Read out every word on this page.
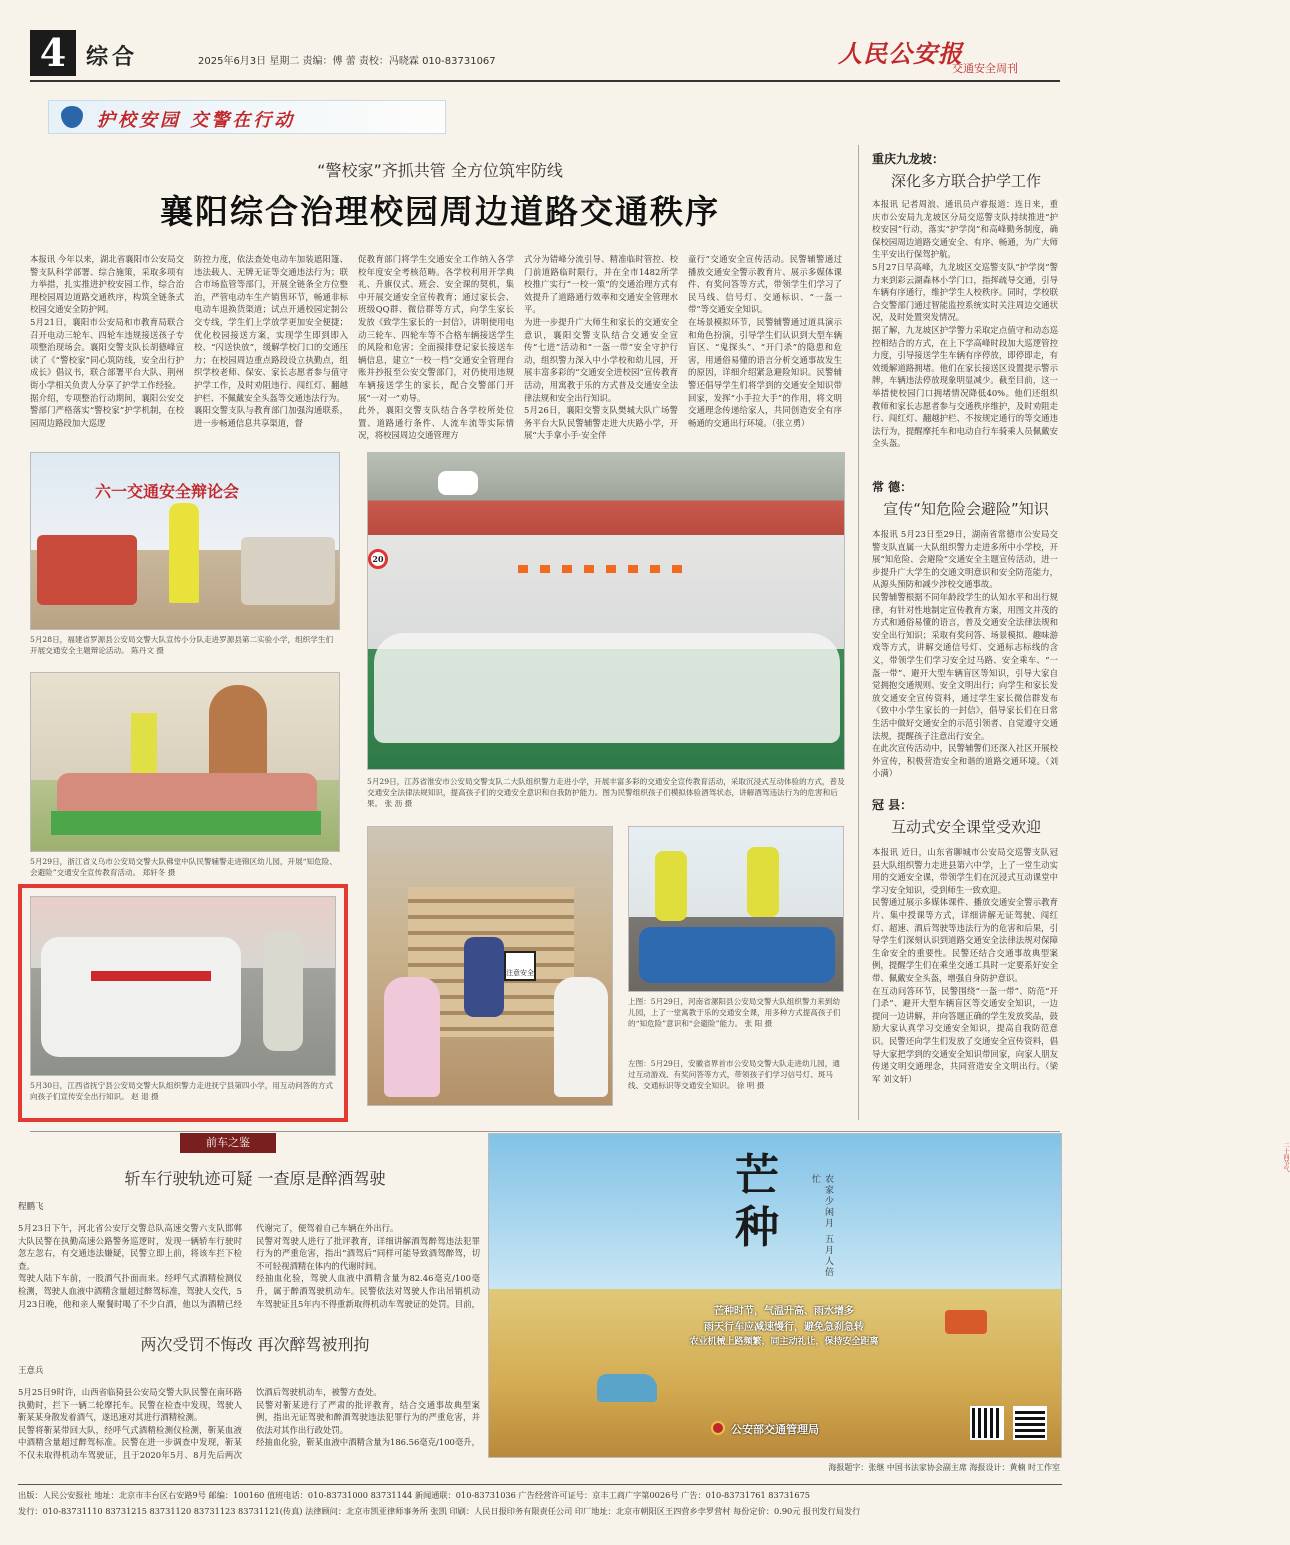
4 综合	2025年6月3日 星期二 责编：傅 蕾 责校：冯晓霖 010-83731067	人民公安报
交通安全周刊
护校安园 交警在行动
“警校家”齐抓共管 全方位筑牢防线
襄阳综合治理校园周边道路交通秩序
本报讯 今年以来，湖北省襄阳市公安局交警支队科学部署、综合施策，采取多项有力举措，扎实推进护校安园工作，综合治理校园周边道路交通秩序，构筑全链条式校园交通安全防护网。
5月21日，襄阳市公安局和市教育局联合召开电动三轮车、四轮车违规接送孩子专项整治现场会。襄阳交警支队长胡德峰宣读了《“警校家”同心筑防线，安全出行护成长》倡议书，联合部署平台大队、荆州街小学相关负责人分享了护学工作经验。
据介绍，专项整治行动期间，襄阳公安交警部门严格落实“警校家”护学机制，在校园周边路段加大巡逻
防控力度，依法查处电动车加装遮阳篷、违法载人、无牌无证等交通违法行为；联合市场监管等部门，开展全链条全方位整治，严管电动车生产销售环节，畅通非标电动车退换货渠道；试点开通校园定制公交专线，学生们上学放学更加安全便捷；优化校园接送方案，实现学生即到即入校、“闪送快放”，缓解学校门口的交通压力；在校园周边重点路段设立执勤点，组织学校老师、保安、家长志愿者参与值守护学工作，及时劝阻违行、闯红灯、翻越护栏、不佩戴安全头盔等交通违法行为。
襄阳交警支队与教育部门加强沟通联系，进一步畅通信息共享渠道，督
促教育部门将学生交通安全工作纳入各学校年度安全考核范畴。各学校利用开学典礼、升旗仪式、班会、安全课的契机，集中开展交通安全宣传教育；通过家长会、班级QQ群、微信群等方式，向学生家长发放《致学生家长的一封信》，讲明使用电动三轮车、四轮车等不合格车辆接送学生的风险和危害；全面摸排登记家长接送车辆信息，建立“一校一档”交通安全管理台账并抄报至公安交警部门，对仍使用违规车辆接送学生的家长，配合交警部门开展“一对一”劝导。
此外，襄阳交警支队结合各学校所处位置、道路通行条件、人流车流等实际情况，将校园周边交通管理方
式分为错峰分流引导、精准临时管控、校门前道路临时限行，并在全市1482所学校推广实行“一校一策”的交通治理方式有效提升了道路通行效率和交通安全管理水平。
为进一步提升广大师生和家长的交通安全意识，襄阳交警支队结合交通安全宣传“七进”活动和“一盔一带”安全守护行动，组织警力深入中小学校和幼儿园，开展丰富多彩的“交通安全进校园”宣传教育活动，用寓教于乐的方式普及交通安全法律法规和安全出行知识。
5月26日，襄阳交警支队樊城大队广场警务平台大队民警辅警走进大庆路小学，开展“大手拿小手·安全伴
童行”交通安全宣传活动。民警辅警通过播放交通安全警示教育片、展示多媒体课件、有奖问答等方式，带领学生们学习了民马线、信号灯、交通标识、“一盔一带”等交通安全知识。
在场景模拟环节，民警辅警通过道具演示和角色扮演，引导学生们认识到大型车辆盲区、“鬼探头”、“开门杀”的隐患和危害，用通俗易懂的语言分析交通事故发生的原因，详细介绍紧急避险知识。民警辅警还倡导学生们将学到的交通安全知识带回家，发挥“小手拉大手”的作用，将文明交通理念传递给家人，共同创造安全有序畅通的交通出行环境。（张立勇）
六一交通安全辩论会
5月28日，福建省罗源县公安局交警大队宣传小分队走进罗源县第二实验小学，组织学生们开展交通安全主题辩论活动。 陈丹文 摄
5月29日，浙江省义乌市公安局交警大队佛堂中队民警辅警走进锦区幼儿园，开展“知危险、会避险”交通安全宣传教育活动。 郑轩冬 摄
5月30日，江西省抚宁县公安局交警大队组织警力走进抚宁县第四小学，用互动问答的方式向孩子们宣传安全出行知识。 赵 退 摄
20
5月29日，江苏省淮安市公安局交警支队二大队组织警力走进小学，开展丰富多彩的交通安全宣传教育活动，采取沉浸式互动体验的方式，普及交通安全法律法规知识，提高孩子们的交通安全意识和自我防护能力。图为民警组织孩子们模拟体验酒驾状态，讲解酒驾违法行为的危害和后果。 张 沥 摄
注意安全
上图：5月29日，河南省漯阳县公安局交警大队组织警力来到幼儿园，上了一堂寓教于乐的交通安全课，用多种方式提高孩子们的“知危险”意识和“会避险”能力。 张 阳 摄
左图：5月29日，安徽省界首市公安局交警大队走进幼儿园，通过互动游戏、有奖问答等方式，带领孩子们学习信号灯、斑马线、交通标识等交通安全知识。 徐 明 摄
重庆九龙坡：
深化多方联合护学工作
本报讯 记者周浪、通讯员卢睿报道：连日来，重庆市公安局九龙坡区分局交巡警支队持续推进“护校安园”行动，落实“护学岗”和高峰勤务制度，确保校园周边道路交通安全、有序、畅通，为广大师生平安出行保驾护航。
5月27日早高峰，九龙坡区交巡警支队“护学岗”警力来到彩云湖森林小学门口，指挥疏导交通，引导车辆有序通行，维护学生人校秩序。同时，学校联合交警部门通过智能监控系统实时关注周边交通状况，及时处置突发情况。
据了解，九龙坡区护学警力采取定点值守和动态巡控相结合的方式，在上下学高峰时段加大巡逻管控力度，引导接送学生车辆有序停放，即停即走，有效缓解道路拥堵。他们在家长接送区设置提示警示牌，车辆违法停放现象明显减少。截至目前，这一举措使校园门口拥堵情况降低40%。他们还组织教师和家长志愿者参与交通秩序维护，及时劝阻走行、闯红灯、翻越护栏、不按规定通行的等交通违法行为，提醒摩托车和电动自行车骑乘人员佩戴安全头盔。
常 德：
宣传“知危险会避险”知识
本报讯 5月23日至29日，湖南省常德市公安局交警支队直属一大队组织警力走进多所中小学校，开展“知危险、会避险”交通安全主题宣传活动，进一步提升广大学生的交通文明意识和安全防范能力，从源头预防和减少涉校交通事故。
民警辅警根据不同年龄段学生的认知水平和出行规律，有针对性地制定宣传教育方案，用图文并茂的方式和通俗易懂的语言，普及交通安全法律法规和安全出行知识；采取有奖问答、场景模拟、趣味游戏等方式，讲解交通信号灯、交通标志标线的含义，带领学生们学习安全过马路、安全乘车、“一盔一带”、避开大型车辆盲区等知识，引导大家自觉拥抱交通规则、安全文明出行；向学生和家长发放交通安全宣传资料，通过学生家长微信群发布《致中小学生家长的一封信》，倡导家长们在日常生活中做好交通安全的示范引领者、自觉遵守交通法规，提醒孩子注意出行安全。
在此次宣传活动中，民警辅警们还深入社区开展校外宣传，积极营造安全和谐的道路交通环境。（刘小满）
冠 县：
互动式安全课堂受欢迎
本报讯 近日，山东省聊城市公安局交巡警支队冠县大队组织警力走进县第六中学，上了一堂生动实用的交通安全课，带领学生们在沉浸式互动课堂中学习安全知识，受到师生一致欢迎。
民警通过展示多媒体课件、播放交通安全警示教育片、集中授课等方式，详细讲解无证驾驶、闯红灯、超速、酒后驾驶等违法行为的危害和后果，引导学生们深刻认识到道路交通安全法律法规对保障生命安全的重要性。民警还结合交通事故典型案例，提醒学生们在乘坐交通工具时一定要系好安全带、佩戴安全头盔，增强自身防护意识。
在互动问答环节，民警围绕“一盔一带”、防范“开门杀”、避开大型车辆盲区等交通安全知识，一边提问一边讲解，并向答题正确的学生发放奖品，鼓励大家认真学习交通安全知识，提高自我防范意识。民警还向学生们发放了交通安全宣传资料，倡导大家把学到的交通安全知识带回家，向家人朋友传递文明交通理念，共同营造安全文明出行。（梁 军 刘文轩）
前车之鉴
斩车行驶轨迹可疑 一查原是醉酒驾驶
程鹏飞
5月23日下午，河北省公安厅交警总队高速交警六支队邯郸大队民警在执勤高速公路警务巡逻时，发现一辆轿车行驶时忽左忽右，有交通违法嫌疑，民警立即上前，将该车拦下检查。
驾驶人陆下车前，一股酒气扑面而来。经呼气式酒精检测仪检测，驾驶人血液中酒精含量超过醉驾标准，驾驶人交代，5月23日晚，他和亲人聚餐时喝了不少白酒，他以为酒精已经代谢完了，便驾着自己车辆在外出行。
民警对驾驶人进行了批评教育，详细讲解酒驾醉驾违法犯罪行为的严重危害，指出“酒驾后”同样可能导致酒驾醉驾，切不可轻视酒精在体内的代谢时间。
经抽血化验，驾驶人血液中酒精含量为82.46毫克/100毫升，属于醉酒驾驶机动车。民警依法对驾驶人作出吊销机动车驾驶证且5年内不得重新取得机动车驾驶证的处罚。目前，
两次受罚不悔改 再次醉驾被刑拘
王意兵
5月25日9时许，山西省临猗县公安局交警大队民警在南环路执勤时，拦下一辆二轮摩托车。民警在检查中发现，驾驶人靳某某身散发着酒气，遂迅速对其进行酒精检测。
民警将靳某带回大队，经呼气式酒精检测仪检测，靳某血液中酒精含量超过醉驾标准。民警在进一步调查中发现，靳某不仅未取得机动车驾驶证，且于2020年5月、8月先后两次饮酒后驾驶机动车，被警方查处。
民警对靳某进行了严肃的批评教育，结合交通事故典型案例，指出无证驾驶和醉酒驾驶违法犯罪行为的严重危害，并依法对其作出行政处罚。
经抽血化验，靳某血液中酒精含量为186.56毫克/100毫升，
二十四节气
芒种	农家少闲月 五月人倍忙
芒种时节，气温升高、雨水增多
雨天行车应减速慢行，避免急刹急转
农业机械上路频繁，同主动礼让，保持安全距离
公安部交通管理局
海报题字：张继 中国书法家协会副主席 海报设计：黄楠 时工作室
出版：人民公安报社 地址：北京市丰台区右安路9号 邮编：100160 值班电话：010-83731000 83731144 新闻通联：010-83731036 广告经营许可证号：京丰工商广字第0026号 广告：010-83731761 83731675
发行：010-83731110 83731215 83731120 83731123 83731121(传真) 法律顾问：北京市凯亚律师事务所 张凯 印刷：人民日报印务有限责任公司 印厂地址：北京市朝阳区王四营乡孛罗营村 每份定价：0.90元 报刊发行局发行
